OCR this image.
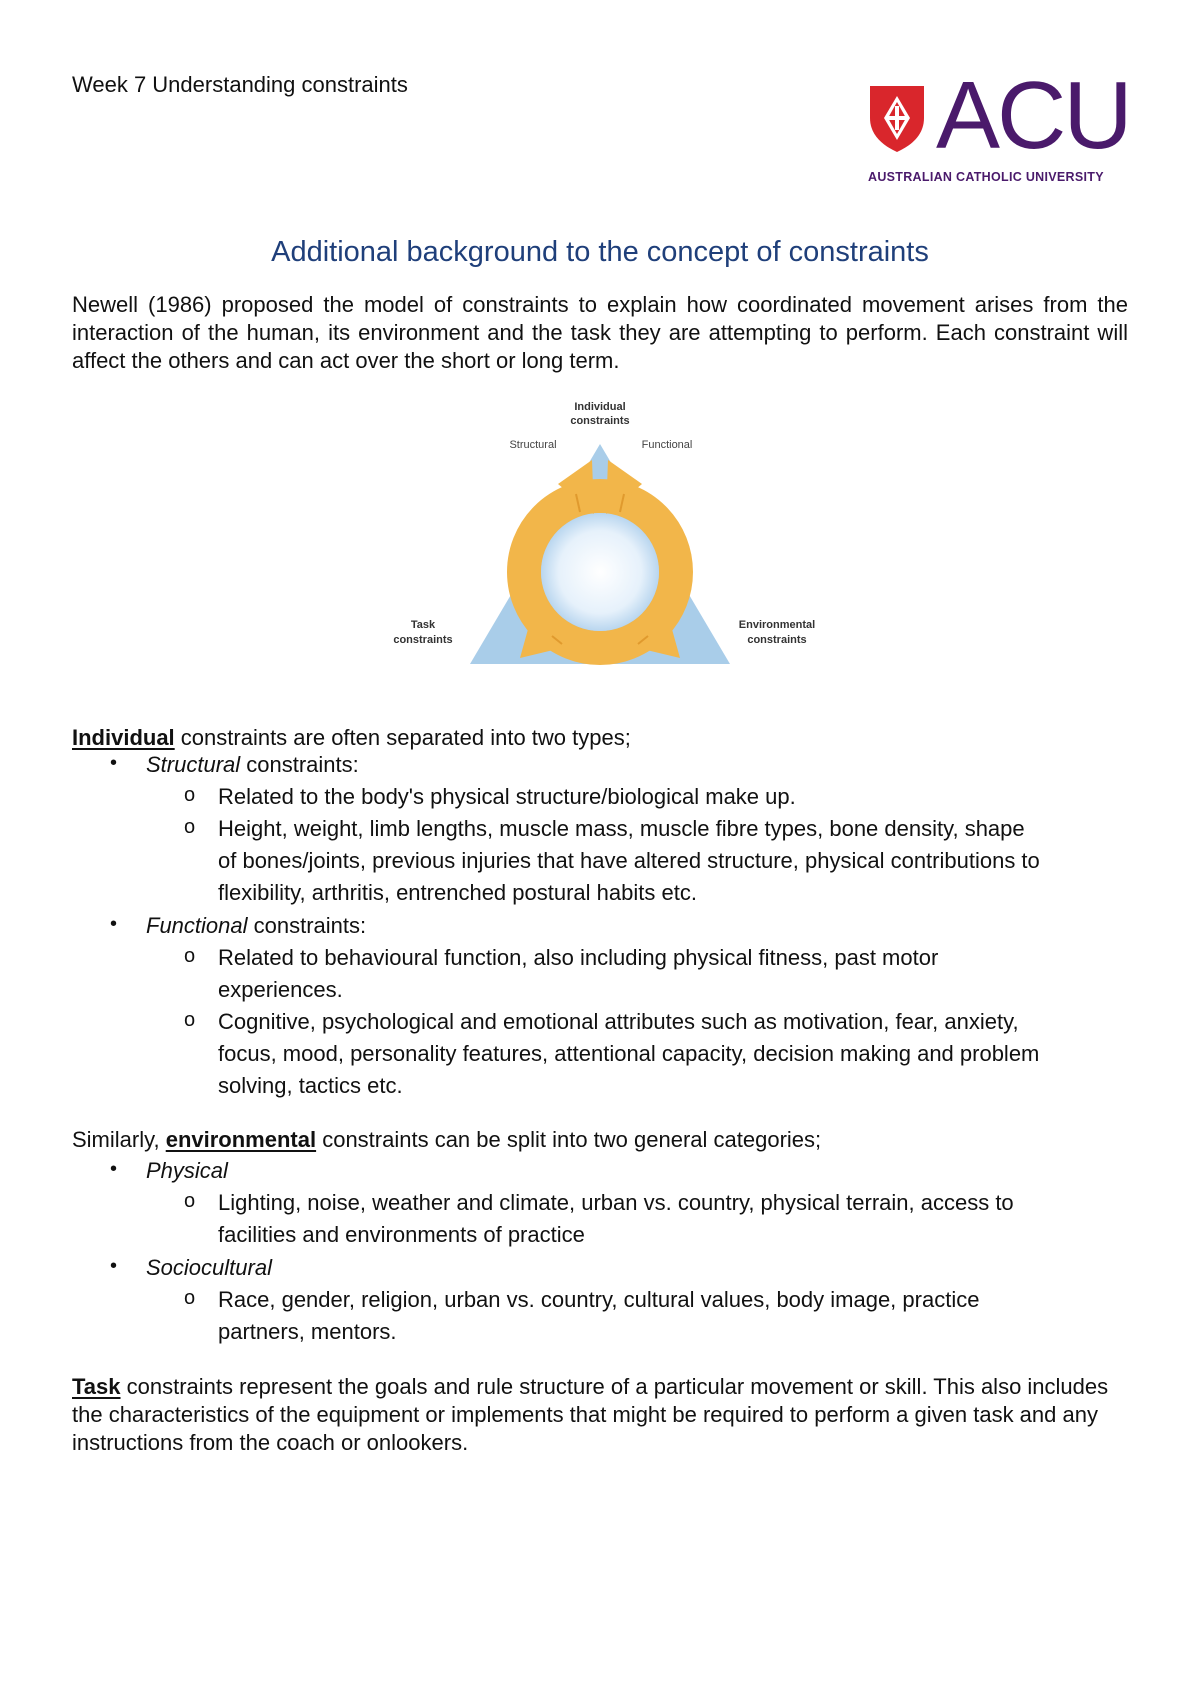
Week 7 Understanding constraints	ACU
AUSTRALIAN CATHOLIC UNIVERSITY
Additional background to the concept of constraints
Newell (1986) proposed the model of constraints to explain how coordinated movement arises from the interaction of the human, its environment and the task they are attempting to perform. Each constraint will affect the others and can act over the short or long term.
Individual
constraints
Structural	Functional
Task
constraints
Environmental
constraints
Individual constraints are often separated into two types;
• Structural constraints:
o Related to the body's physical structure/biological make up.
o Height, weight, limb lengths, muscle mass, muscle fibre types, bone density, shape
of bones/joints, previous injuries that have altered structure, physical contributions to
flexibility, arthritis, entrenched postural habits etc.
• Functional constraints:
o Related to behavioural function, also including physical fitness, past motor
experiences.
o Cognitive, psychological and emotional attributes such as motivation, fear, anxiety,
focus, mood, personality features, attentional capacity, decision making and problem
solving, tactics etc.
Similarly, environmental constraints can be split into two general categories;
• Physical
o Lighting, noise, weather and climate, urban vs. country, physical terrain, access to
facilities and environments of practice
• Sociocultural
o Race, gender, religion, urban vs. country, cultural values, body image, practice
partners, mentors.
Task constraints represent the goals and rule structure of a particular movement or skill. This also includes the characteristics of the equipment or implements that might be required to perform a given task and any instructions from the coach or onlookers.
